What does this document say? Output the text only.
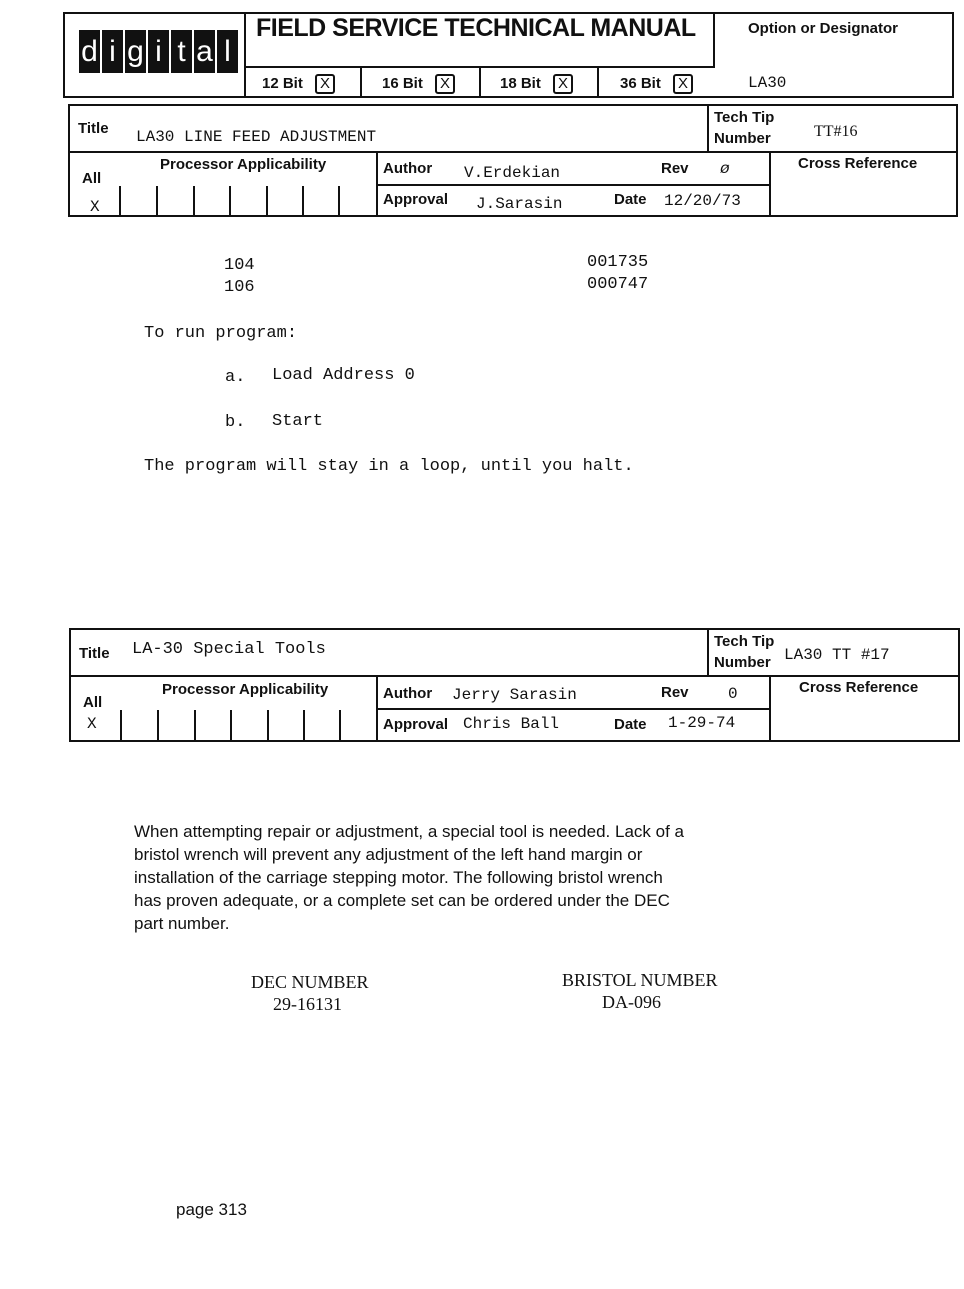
d i g i t a l
FIELD SERVICE TECHNICAL MANUAL
12 Bit X	16 Bit X	18 Bit X	36 Bit X
Option or Designator
LA30
Title LA30 LINE FEED ADJUSTMENT
Tech Tip
Number	TT#16
All
X
Processor Applicability	Author V.Erdekian	Rev ø
Approval J.Sarasin	Date 12/20/73
Cross Reference
104	001735
106	000747
To run program:
a. Load Address 0
b. Start
The program will stay in a loop, until you halt.
Title LA-30 Special Tools	Tech Tip
Number LA30 TT #17
All
X
Processor Applicability	Author Jerry Sarasin	Rev 0
Approval Chris Ball	Date 1-29-74
Cross Reference
When attempting repair or adjustment, a special tool is needed. Lack of a
bristol wrench will prevent any adjustment of the left hand margin or
installation of the carriage stepping motor. The following bristol wrench
has proven adequate, or a complete set can be ordered under the DEC
part number.
DEC NUMBER
29-16131
BRISTOL NUMBER
DA-096
page 313
